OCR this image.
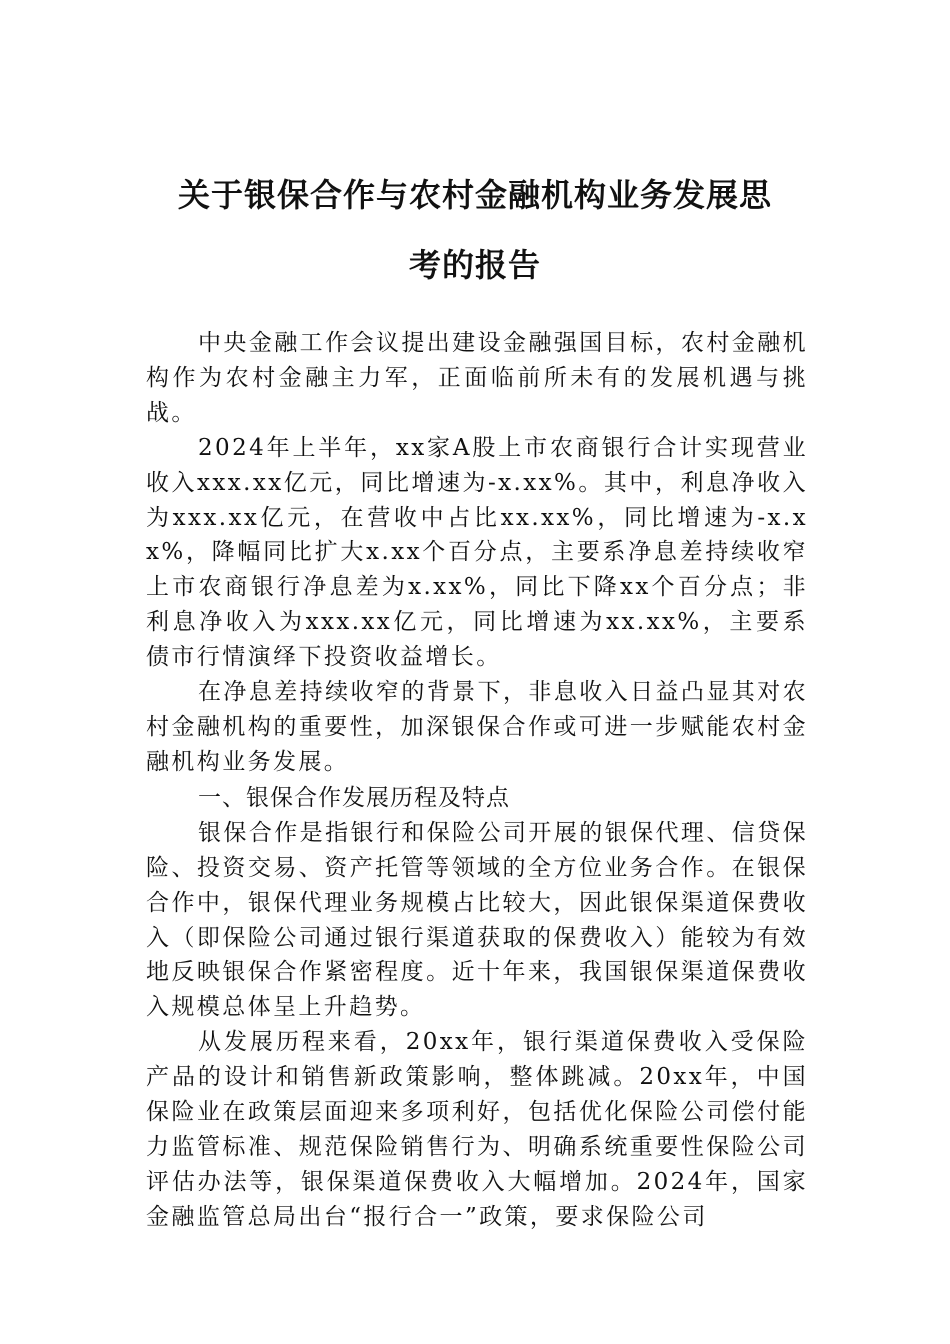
关于银保合作与农村金融机构业务发展思
考的报告

中央金融工作会议提出建设金融强国目标，农村金融机构作为农村金融主力军，正面临前所未有的发展机遇与挑战。

2024年上半年，xx家A股上市农商银行合计实现营业收入xxx.xx亿元，同比增速为-x.xx%。其中，利息净收入为xxx.xx亿元，在营收中占比xx.xx%，同比增速为-x.xx%，降幅同比扩大x.xx个百分点，主要系净息差持续收窄上市农商银行净息差为x.xx%，同比下降xx个百分点；非利息净收入为xxx.xx亿元，同比增速为xx.xx%，主要系债市行情演绎下投资收益增长。

在净息差持续收窄的背景下，非息收入日益凸显其对农村金融机构的重要性，加深银保合作或可进一步赋能农村金融机构业务发展。

一、银保合作发展历程及特点

银保合作是指银行和保险公司开展的银保代理、信贷保险、投资交易、资产托管等领域的全方位业务合作。在银保合作中，银保代理业务规模占比较大，因此银保渠道保费收入（即保险公司通过银行渠道获取的保费收入）能较为有效地反映银保合作紧密程度。近十年来，我国银保渠道保费收入规模总体呈上升趋势。

从发展历程来看，20xx年，银行渠道保费收入受保险产品的设计和销售新政策影响，整体跳减。20xx年，中国保险业在政策层面迎来多项利好，包括优化保险公司偿付能力监管标准、规范保险销售行为、明确系统重要性保险公司评估办法等，银保渠道保费收入大幅增加。2024年，国家金融监管总局出台“报行合一”政策，要求保险公司
